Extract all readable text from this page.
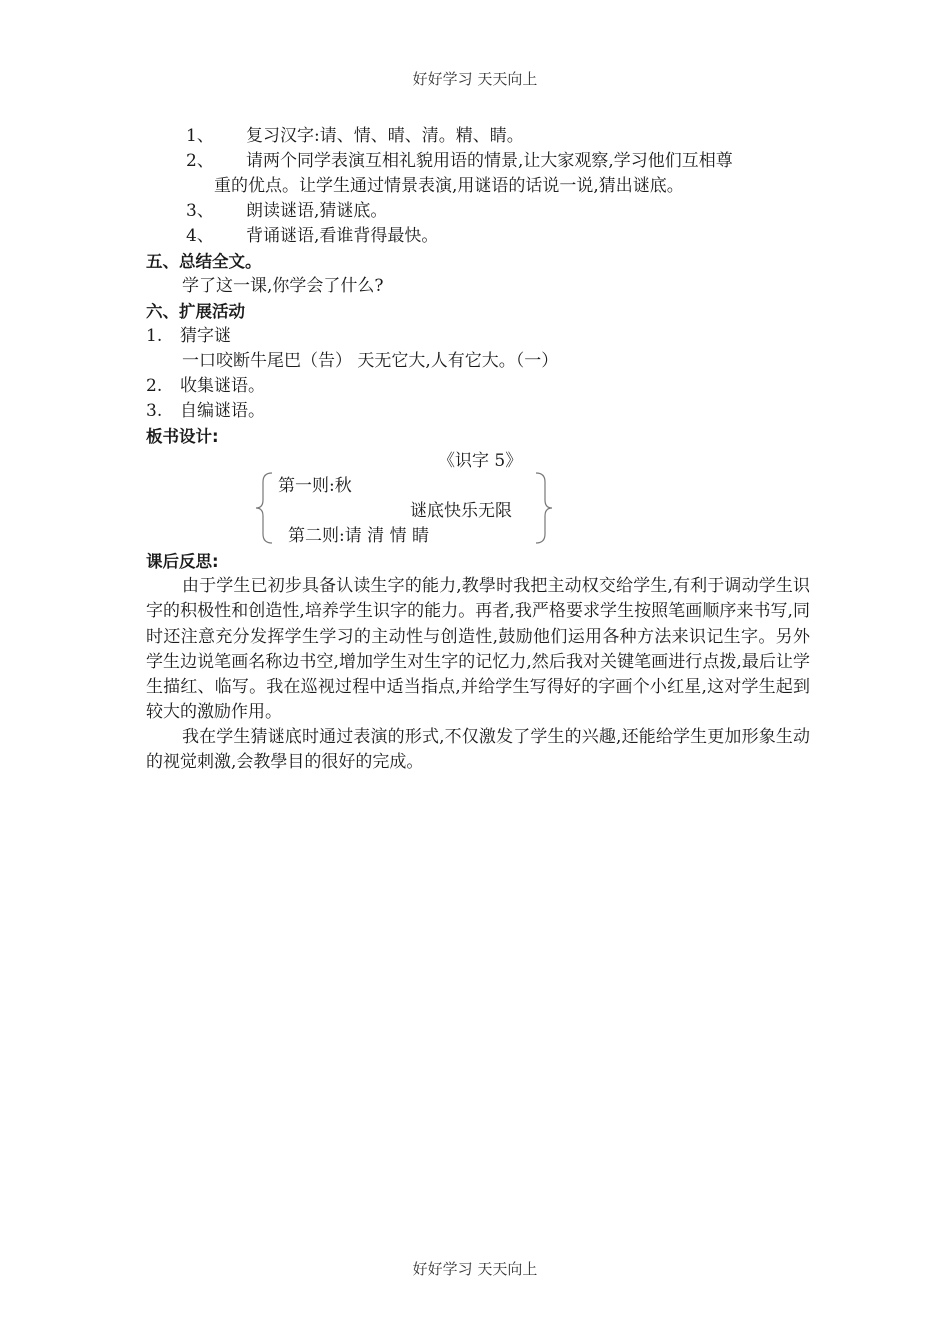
好好学习 天天向上
1、 复习汉字:请、情、晴、清。精、睛。
2、 请两个同学表演互相礼貌用语的情景,让大家观察,学习他们互相尊
重的优点。让学生通过情景表演,用谜语的话说一说,猜出谜底。
3、 朗读谜语,猜谜底。
4、 背诵谜语,看谁背得最快。
五、总结全文。
学了这一课,你学会了什么?
六、扩展活动
1. 猜字谜
一口咬断牛尾巴（告） 天无它大,人有它大。（一）
2. 收集谜语。
3. 自编谜语。
板书设计:
《识字 5》
第一则:秋
谜底快乐无限
第二则:请 清 情 睛
课后反思:
由于学生已初步具备认读生字的能力,教學时我把主动权交给学生,有利于调动学生识字的积极性和创造性,培养学生识字的能力。再者,我严格要求学生按照笔画顺序来书写,同时还注意充分发挥学生学习的主动性与创造性,鼓励他们运用各种方法来识记生字。另外学生边说笔画名称边书空,增加学生对生字的记忆力,然后我对关键笔画进行点拨,最后让学生描红、临写。我在巡视过程中适当指点,并给学生写得好的字画个小红星,这对学生起到较大的激励作用。
我在学生猜谜底时通过表演的形式,不仅激发了学生的兴趣,还能给学生更加形象生动的视觉刺激,会教學目的很好的完成。
好好学习 天天向上
